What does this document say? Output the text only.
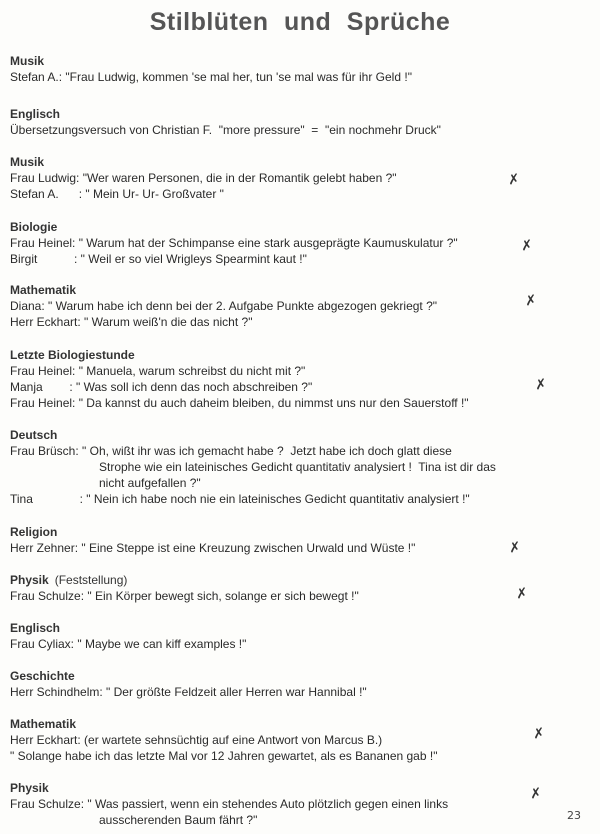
Stilblüten und Sprüche
Musik
Stefan A.: "Frau Ludwig, kommen 'se mal her, tun 'se mal was für ihr Geld !"
Englisch
Übersetzungsversuch von Christian F.  "more pressure"  =  "ein nochmehr Druck"
Musik
Frau Ludwig: "Wer waren Personen, die in der Romantik gelebt haben ?"
Stefan A.      : " Mein Ur- Ur- Großvater "
✗
Biologie
Frau Heinel: " Warum hat der Schimpanse eine stark ausgeprägte Kaumuskulatur ?"
Birgit           : " Weil er so viel Wrigleys Spearmint kaut !"
✗
Mathematik
Diana: " Warum habe ich denn bei der 2. Aufgabe Punkte abgezogen gekriegt ?"
Herr Eckhart: " Warum weiß'n die das nicht ?"
✗
Letzte Biologiestunde
Frau Heinel: " Manuela, warum schreibst du nicht mit ?"
Manja        : " Was soll ich denn das noch abschreiben ?"
Frau Heinel: " Da kannst du auch daheim bleiben, du nimmst uns nur den Sauerstoff !"
✗
Deutsch
Frau Brüsch: " Oh, wißt ihr was ich gemacht habe ?  Jetzt habe ich doch glatt diese
Strophe wie ein lateinisches Gedicht quantitativ analysiert !  Tina ist dir das
nicht aufgefallen ?"
Tina              : " Nein ich habe noch nie ein lateinisches Gedicht quantitativ analysiert !"
Religion
Herr Zehner: " Eine Steppe ist eine Kreuzung zwischen Urwald und Wüste !"	✗
Physik (Feststellung)
Frau Schulze: " Ein Körper bewegt sich, solange er sich bewegt !"	✗
Englisch
Frau Cyliax: " Maybe we can kiff examples !"
Geschichte
Herr Schindhelm: " Der größte Feldzeit aller Herren war Hannibal !"
Mathematik
Herr Eckhart: (er wartete sehnsüchtig auf eine Antwort von Marcus B.)
" Solange habe ich das letzte Mal vor 12 Jahren gewartet, als es Bananen gab !"
✗
Physik
Frau Schulze: " Was passiert, wenn ein stehendes Auto plötzlich gegen einen links
ausscherenden Baum fährt ?"
✗
23
